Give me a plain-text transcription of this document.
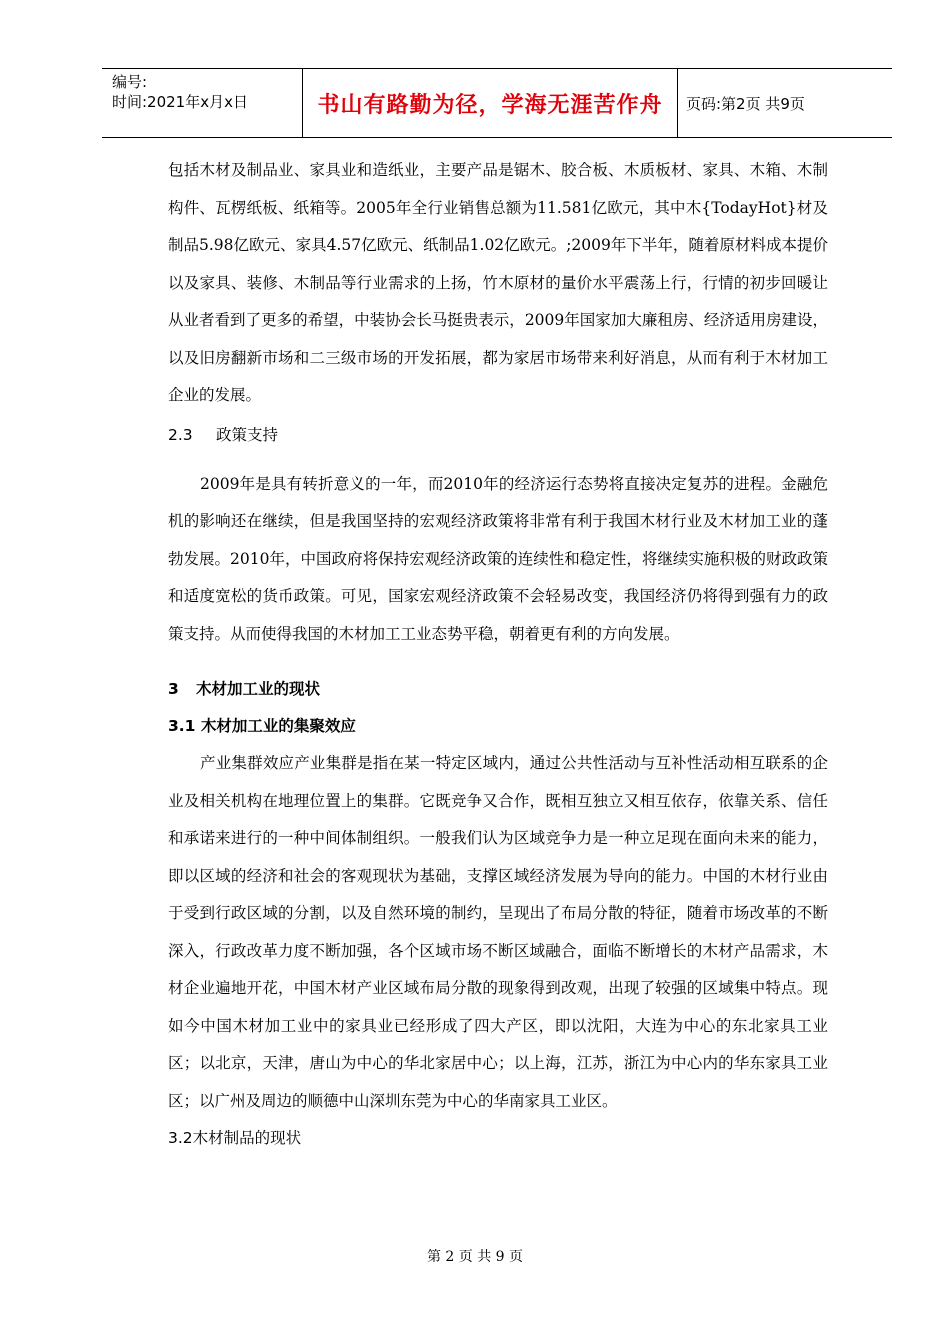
编号:
时间:2021年x月x日	书山有路勤为径，学海无涯苦作舟	页码:第2页 共9页

包括木材及制品业、家具业和造纸业，主要产品是锯木、胶合板、木质板材、家具、木箱、木制构件、瓦楞纸板、纸箱等。2005年全行业销售总额为11.581亿欧元，其中木{TodayHot}材及制品5.98亿欧元、家具4.57亿欧元、纸制品1.02亿欧元。;2009年下半年，随着原材料成本提价以及家具、装修、木制品等行业需求的上扬，竹木原材的量价水平震荡上行，行情的初步回暖让从业者看到了更多的希望，中装协会长马挺贵表示，2009年国家加大廉租房、经济适用房建设，以及旧房翻新市场和二三级市场的开发拓展，都为家居市场带来利好消息，从而有利于木材加工企业的发展。

2.3 政策支持

2009年是具有转折意义的一年，而2010年的经济运行态势将直接决定复苏的进程。金融危机的影响还在继续，但是我国坚持的宏观经济政策将非常有利于我国木材行业及木材加工业的蓬勃发展。2010年，中国政府将保持宏观经济政策的连续性和稳定性，将继续实施积极的财政政策和适度宽松的货币政策。可见，国家宏观经济政策不会轻易改变，我国经济仍将得到强有力的政策支持。从而使得我国的木材加工工业态势平稳，朝着更有利的方向发展。

3 木材加工业的现状
3.1 木材加工业的集聚效应

产业集群效应产业集群是指在某一特定区域内，通过公共性活动与互补性活动相互联系的企业及相关机构在地理位置上的集群。它既竞争又合作，既相互独立又相互依存，依靠关系、信任和承诺来进行的一种中间体制组织。一般我们认为区域竞争力是一种立足现在面向未来的能力，即以区域的经济和社会的客观现状为基础，支撑区域经济发展为导向的能力。中国的木材行业由于受到行政区域的分割，以及自然环境的制约，呈现出了布局分散的特征，随着市场改革的不断深入，行政改革力度不断加强，各个区域市场不断区域融合，面临不断增长的木材产品需求，木材企业遍地开花，中国木材产业区域布局分散的现象得到改观，出现了较强的区域集中特点。现如今中国木材加工业中的家具业已经形成了四大产区，即以沈阳，大连为中心的东北家具工业区；以北京，天津，唐山为中心的华北家居中心；以上海，江苏，浙江为中心内的华东家具工业区；以广州及周边的顺德中山深圳东莞为中心的华南家具工业区。

3.2木材制品的现状
第 2 页 共 9 页
